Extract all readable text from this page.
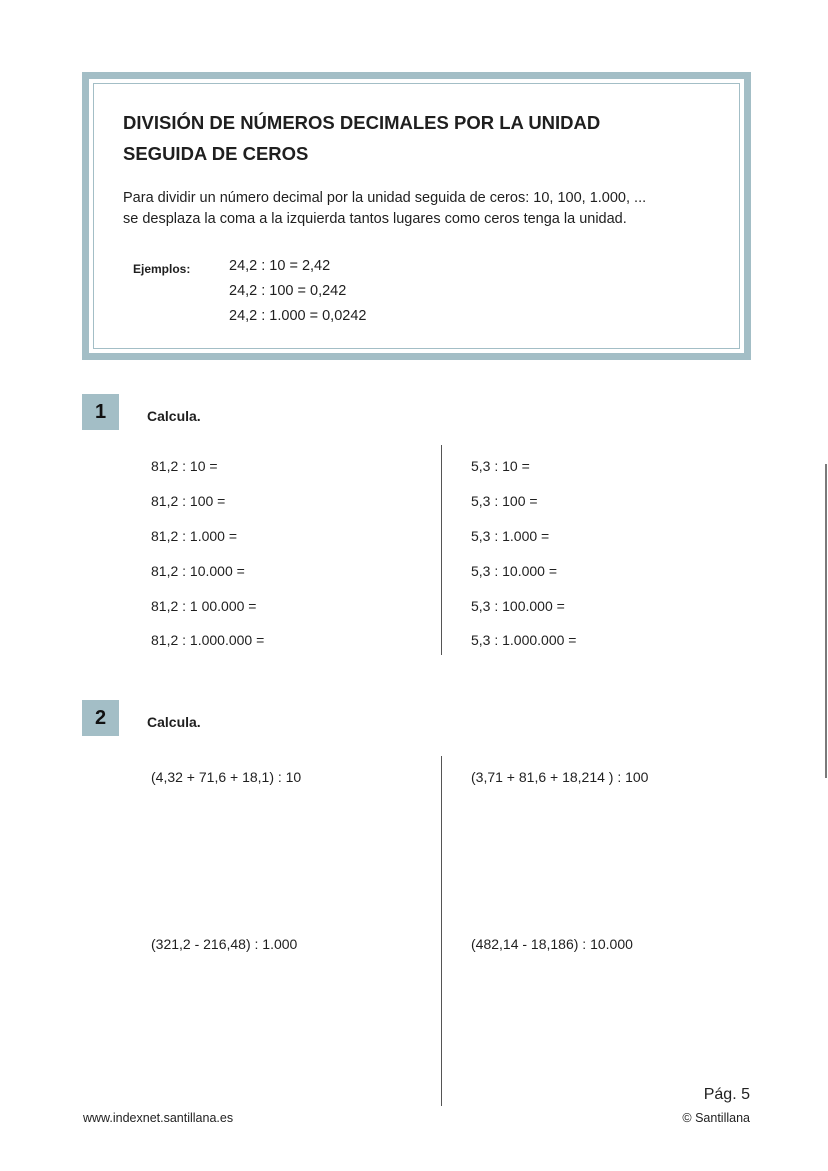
DIVISIÓN DE NÚMEROS DECIMALES POR LA UNIDAD
SEGUIDA DE CEROS
Para dividir un número decimal por la unidad seguida de ceros: 10, 100, 1.000, ...
se desplaza la coma a la izquierda tantos lugares como ceros tenga la unidad.
Ejemplos:	24,2 : 10 = 2,42
24,2 : 100 = 0,242
24,2 : 1.000 = 0,0242
1	Calcula.
81,2 : 10 =
81,2 : 100 =
81,2 : 1.000 =
81,2 : 10.000 =
81,2 : 1 00.000 =
81,2 : 1.000.000 =
5,3 : 10 =
5,3 : 100 =
5,3 : 1.000 =
5,3 : 10.000 =
5,3 : 100.000 =
5,3 : 1.000.000 =
2	Calcula.
(4,32 + 71,6 + 18,1) : 10
(321,2 - 216,48) : 1.000
(3,71 + 81,6 + 18,214 ) : 100
(482,14 - 18,186) : 10.000
Pág. 5
www.indexnet.santillana.es	© Santillana
